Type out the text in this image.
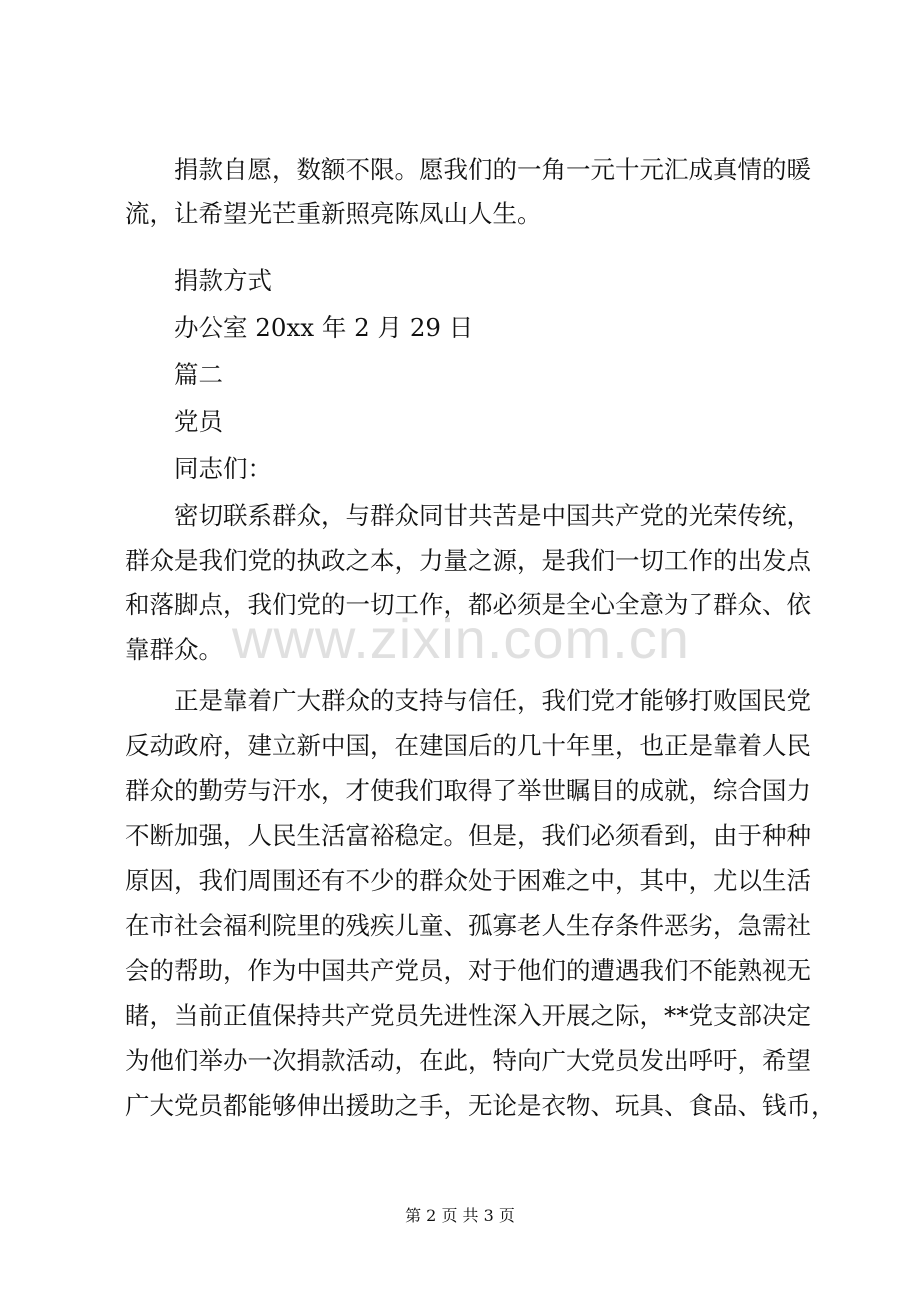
　　捐款自愿，数额不限。愿我们的一角一元十元汇成真情的暖
流，让希望光芒重新照亮陈凤山人生。
　　捐款方式
　　办公室 20xx 年 2 月 29 日
　　篇二
　　党员
　　同志们：
　　密切联系群众，与群众同甘共苦是中国共产党的光荣传统，
群众是我们党的执政之本，力量之源，是我们一切工作的出发点
和落脚点，我们党的一切工作，都必须是全心全意为了群众、依
靠群众。
　　正是靠着广大群众的支持与信任，我们党才能够打败国民党
反动政府，建立新中国，在建国后的几十年里，也正是靠着人民
群众的勤劳与汗水，才使我们取得了举世瞩目的成就，综合国力
不断加强，人民生活富裕稳定。但是，我们必须看到，由于种种
原因，我们周围还有不少的群众处于困难之中，其中，尤以生活
在市社会福利院里的残疾儿童、孤寡老人生存条件恶劣，急需社
会的帮助，作为中国共产党员，对于他们的遭遇我们不能熟视无
睹，当前正值保持共产党员先进性深入开展之际，**党支部决定
为他们举办一次捐款活动，在此，特向广大党员发出呼吁，希望
广大党员都能够伸出援助之手，无论是衣物、玩具、食品、钱币，
www.zixin.com.cn
第 2 页 共 3 页
